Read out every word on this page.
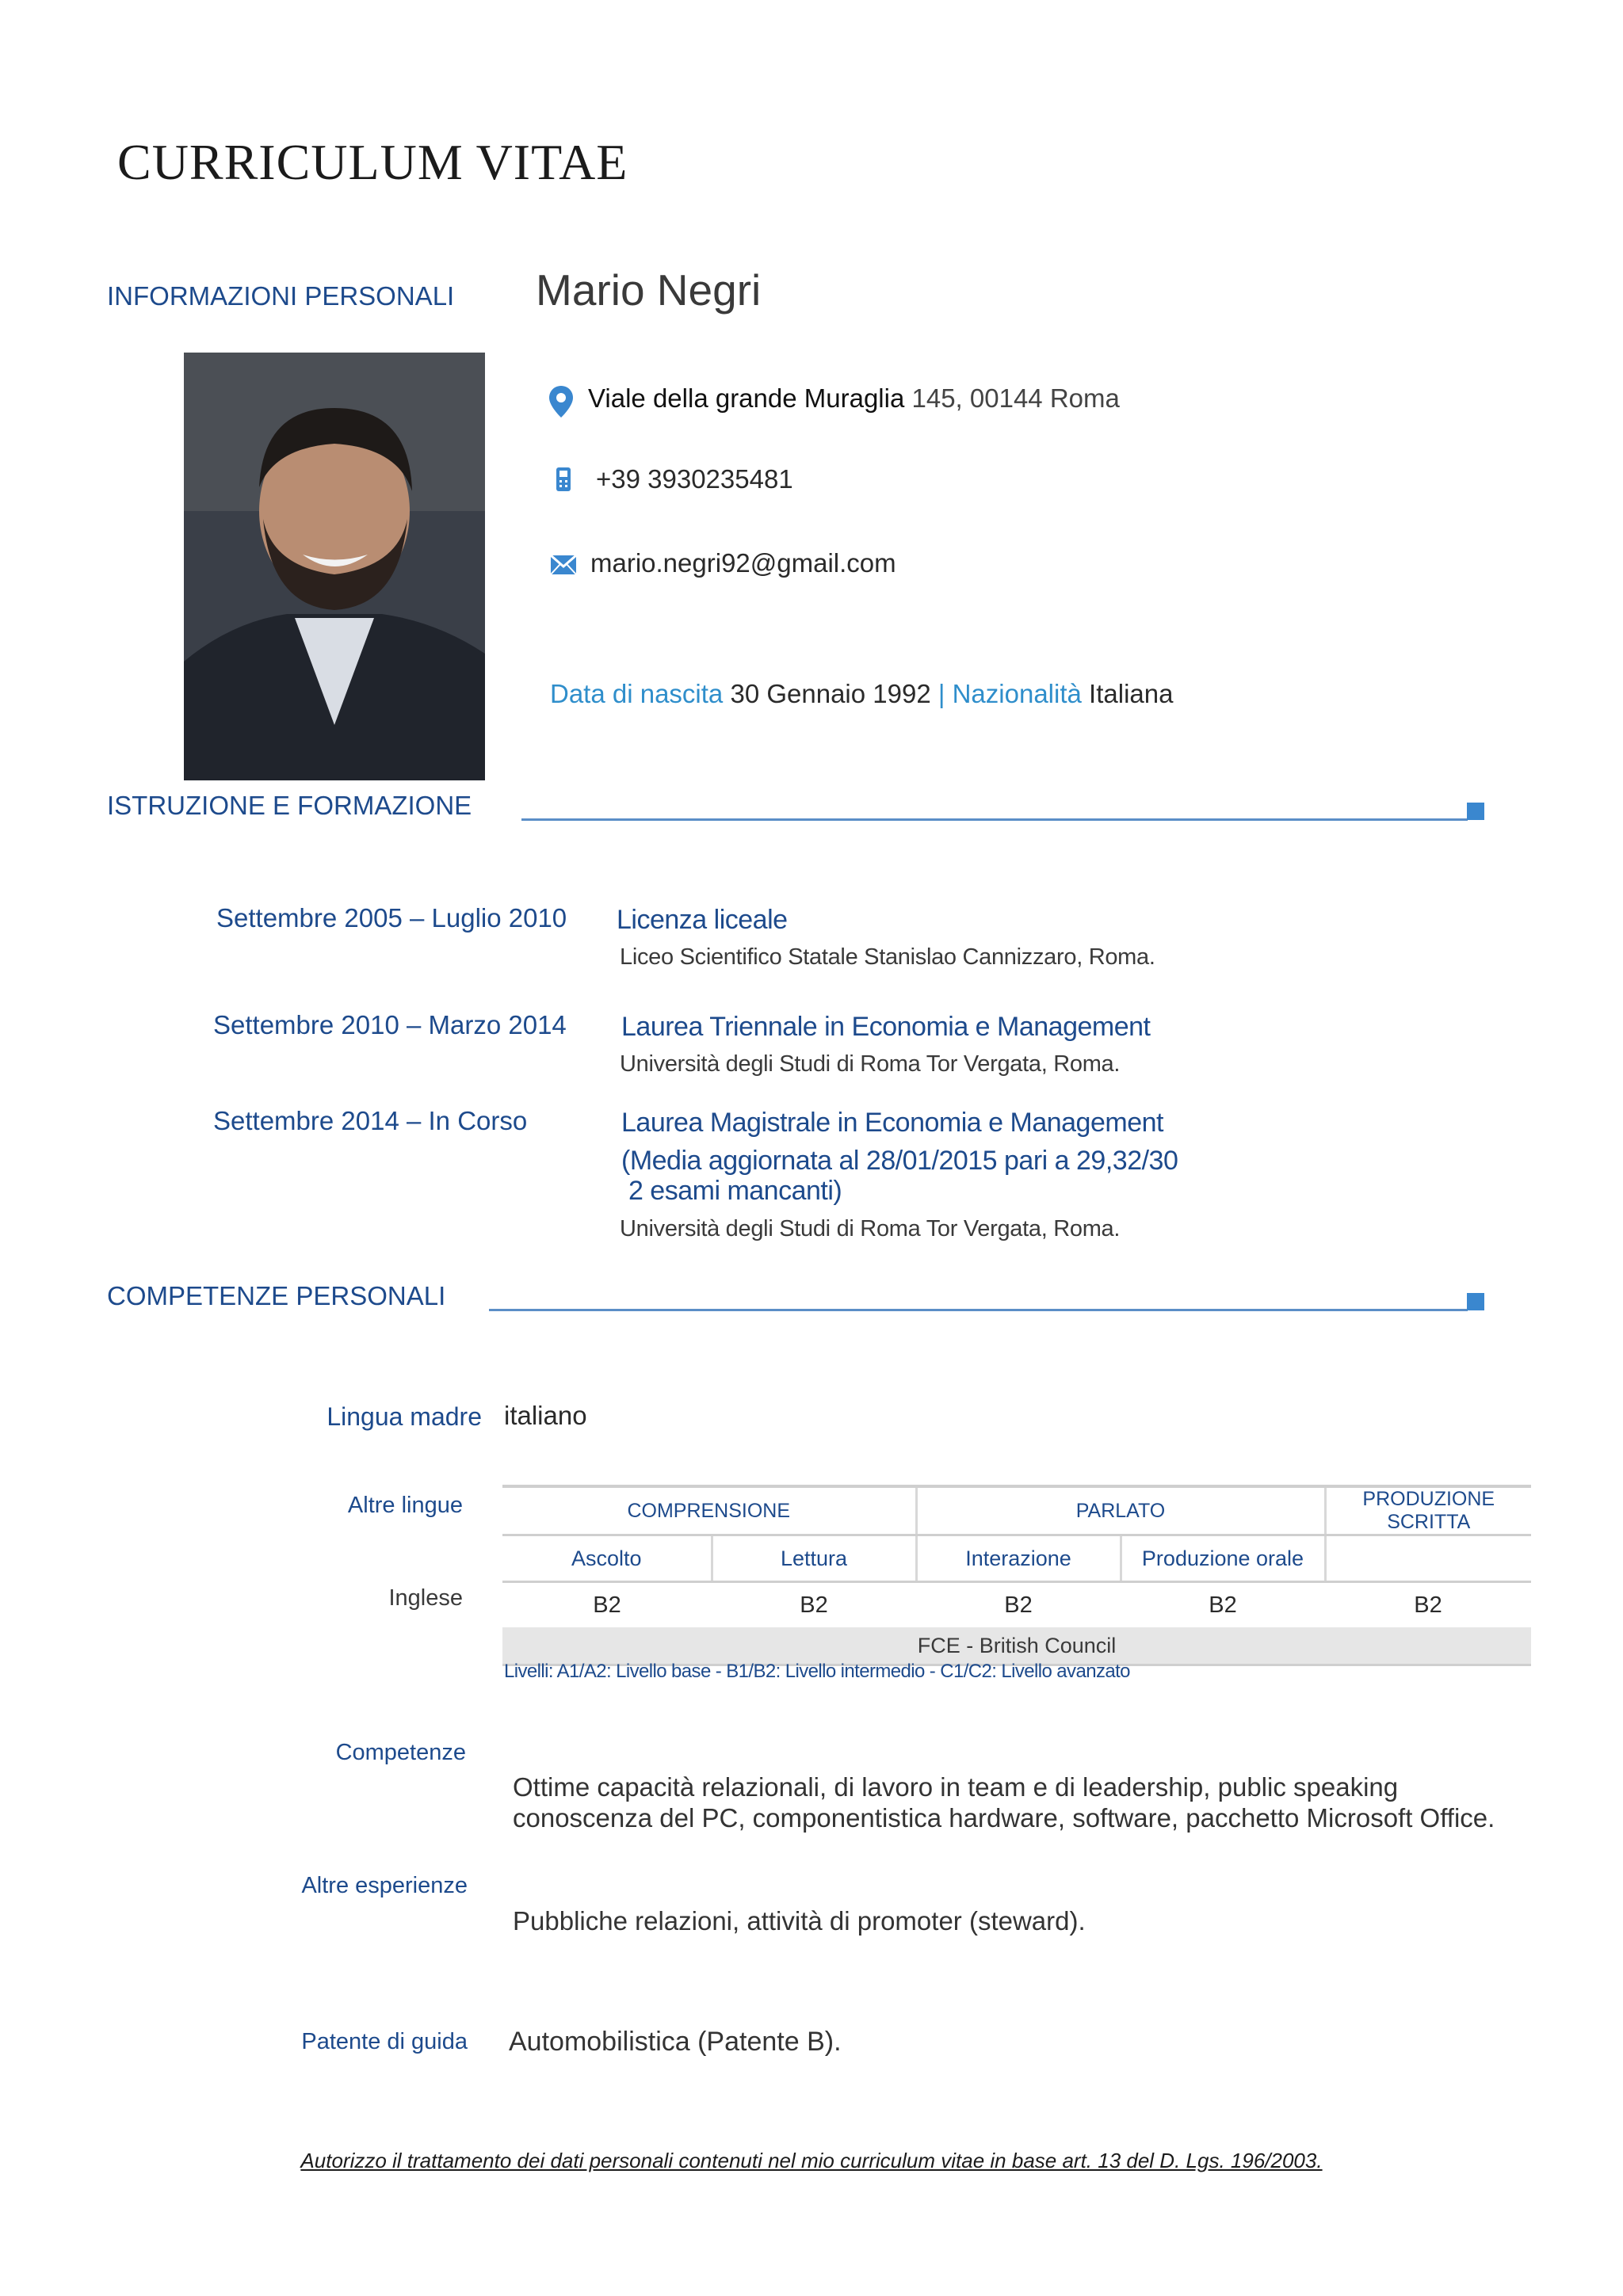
CURRICULUM VITAE
INFORMAZIONI PERSONALI Mario Negri
Viale della grande Muraglia 145, 00144 Roma
+39 3930235481
mario.negri92@gmail.com
Data di nascita 30 Gennaio 1992 | Nazionalità Italiana
ISTRUZIONE E FORMAZIONE
Settembre 2005 – Luglio 2010 Licenza liceale
Liceo Scientifico Statale Stanislao Cannizzaro, Roma.
Settembre 2010 – Marzo 2014 Laurea Triennale in Economia e Management
Università degli Studi di Roma Tor Vergata, Roma.
Settembre 2014 – In Corso	Laurea Magistrale in Economia e Management
(Media aggiornata al 28/01/2015 pari a 29,32/30
2 esami mancanti)
Università degli Studi di Roma Tor Vergata, Roma.
COMPETENZE PERSONALI
Lingua madre italiano
Altre lingue
Inglese
COMPRENSIONE		PARLATO		PRODUZIONE SCRITTA
Ascolto	Lettura	Interazione	Produzione orale	
B2	B2	B2	B2	B2
FCE - British Council				
Livelli: A1/A2: Livello base - B1/B2: Livello intermedio - C1/C2: Livello avanzato
Competenze
Ottime capacità relazionali, di lavoro in team e di leadership, public speaking
conoscenza del PC, componentistica hardware, software, pacchetto Microsoft Office.
Altre esperienze
Pubbliche relazioni, attività di promoter (steward).
Patente di guida Automobilistica (Patente B).
Autorizzo il trattamento dei dati personali contenuti nel mio curriculum vitae in base art. 13 del D. Lgs. 196/2003.
